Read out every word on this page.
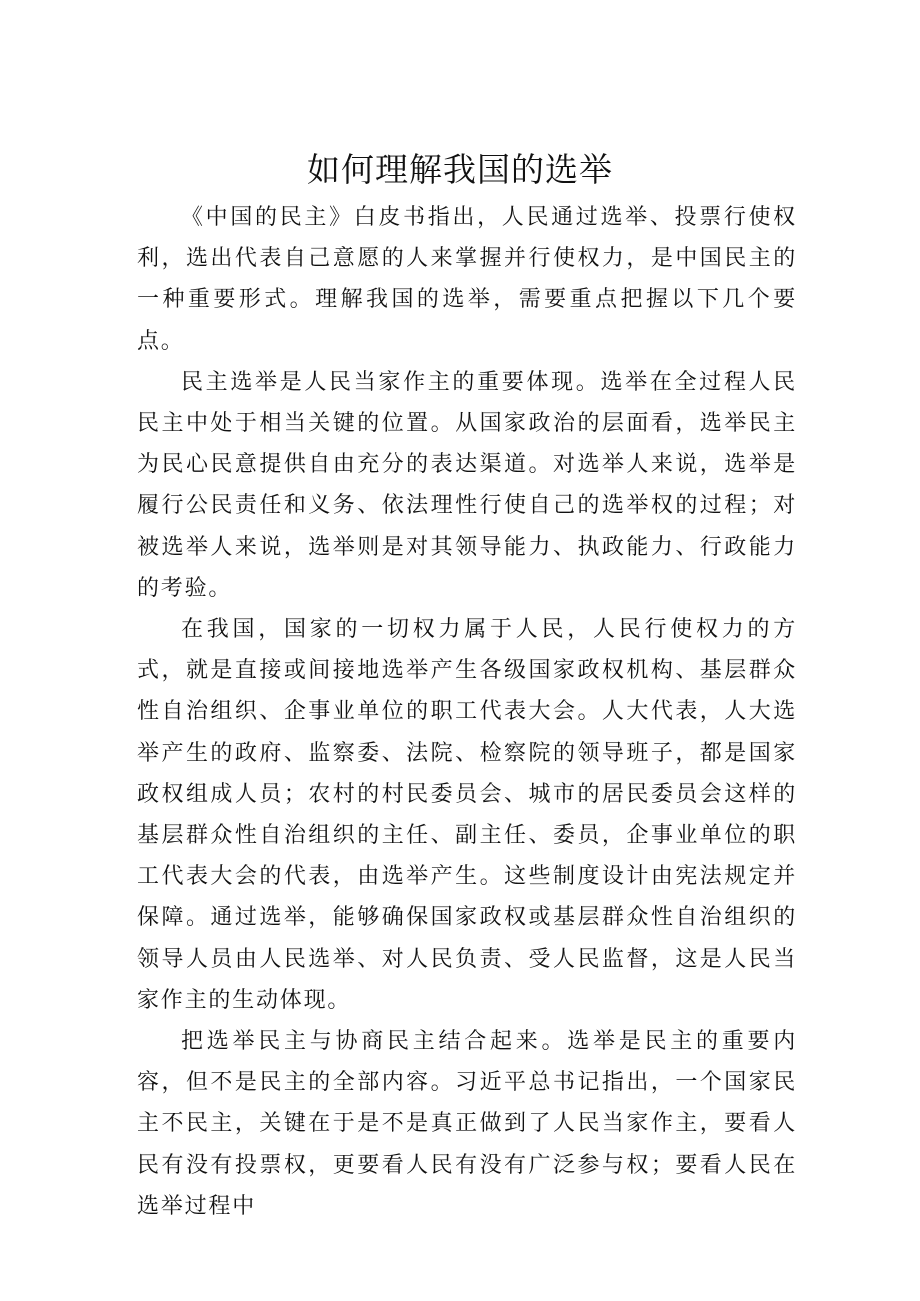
如何理解我国的选举

《中国的民主》白皮书指出，人民通过选举、投票行使权利，选出代表自己意愿的人来掌握并行使权力，是中国民主的一种重要形式。理解我国的选举，需要重点把握以下几个要点。

民主选举是人民当家作主的重要体现。选举在全过程人民民主中处于相当关键的位置。从国家政治的层面看，选举民主为民心民意提供自由充分的表达渠道。对选举人来说，选举是履行公民责任和义务、依法理性行使自己的选举权的过程；对被选举人来说，选举则是对其领导能力、执政能力、行政能力的考验。

在我国，国家的一切权力属于人民，人民行使权力的方式，就是直接或间接地选举产生各级国家政权机构、基层群众性自治组织、企事业单位的职工代表大会。人大代表，人大选举产生的政府、监察委、法院、检察院的领导班子，都是国家政权组成人员；农村的村民委员会、城市的居民委员会这样的基层群众性自治组织的主任、副主任、委员，企事业单位的职工代表大会的代表，由选举产生。这些制度设计由宪法规定并保障。通过选举，能够确保国家政权或基层群众性自治组织的领导人员由人民选举、对人民负责、受人民监督，这是人民当家作主的生动体现。

把选举民主与协商民主结合起来。选举是民主的重要内容，但不是民主的全部内容。习近平总书记指出，一个国家民主不民主，关键在于是不是真正做到了人民当家作主，要看人民有没有投票权，更要看人民有没有广泛参与权；要看人民在选举过程中
